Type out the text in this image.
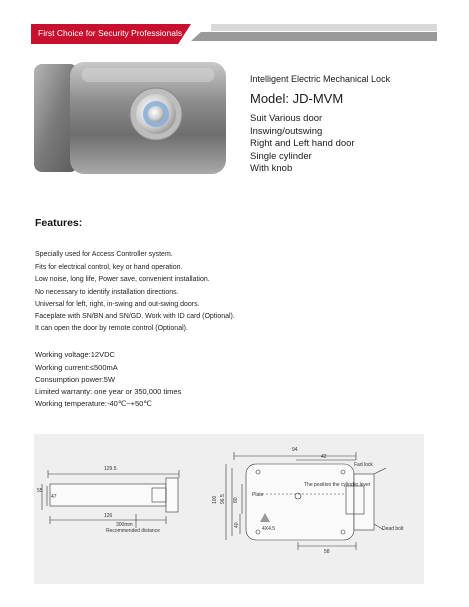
First Choice for Security Professionals
Intelligent Electric Mechanical Lock
Model: JD-MVM
Suit Various door
Inswing/outswing
Right and Left hand door
Single cylinder
With knob
Features:
Specially used for Access Controller system.
Fits for electrical control, key or hand operation.
Low noise, long life, Power save, convenient installation.
No necessary to identify installation directions.
Universal for left, right, in-swing and out-swing doors.
Faceplate with SN/BN and SN/GD. Work with ID card (Optional).
It can open the door by remote control (Optional).
Working voltage:12VDC
Working current:≤500mA
Consumption power:5W
Limited warranty: one year or 350,000 times
Working temperature:-40℃~+50℃
129.5
55
47
126
300mm
Recommended distance
94
42
100 96.5 80
40
58
Plate
The position the cylinder lever
Fad lock
Dead bolt
4X4.5
